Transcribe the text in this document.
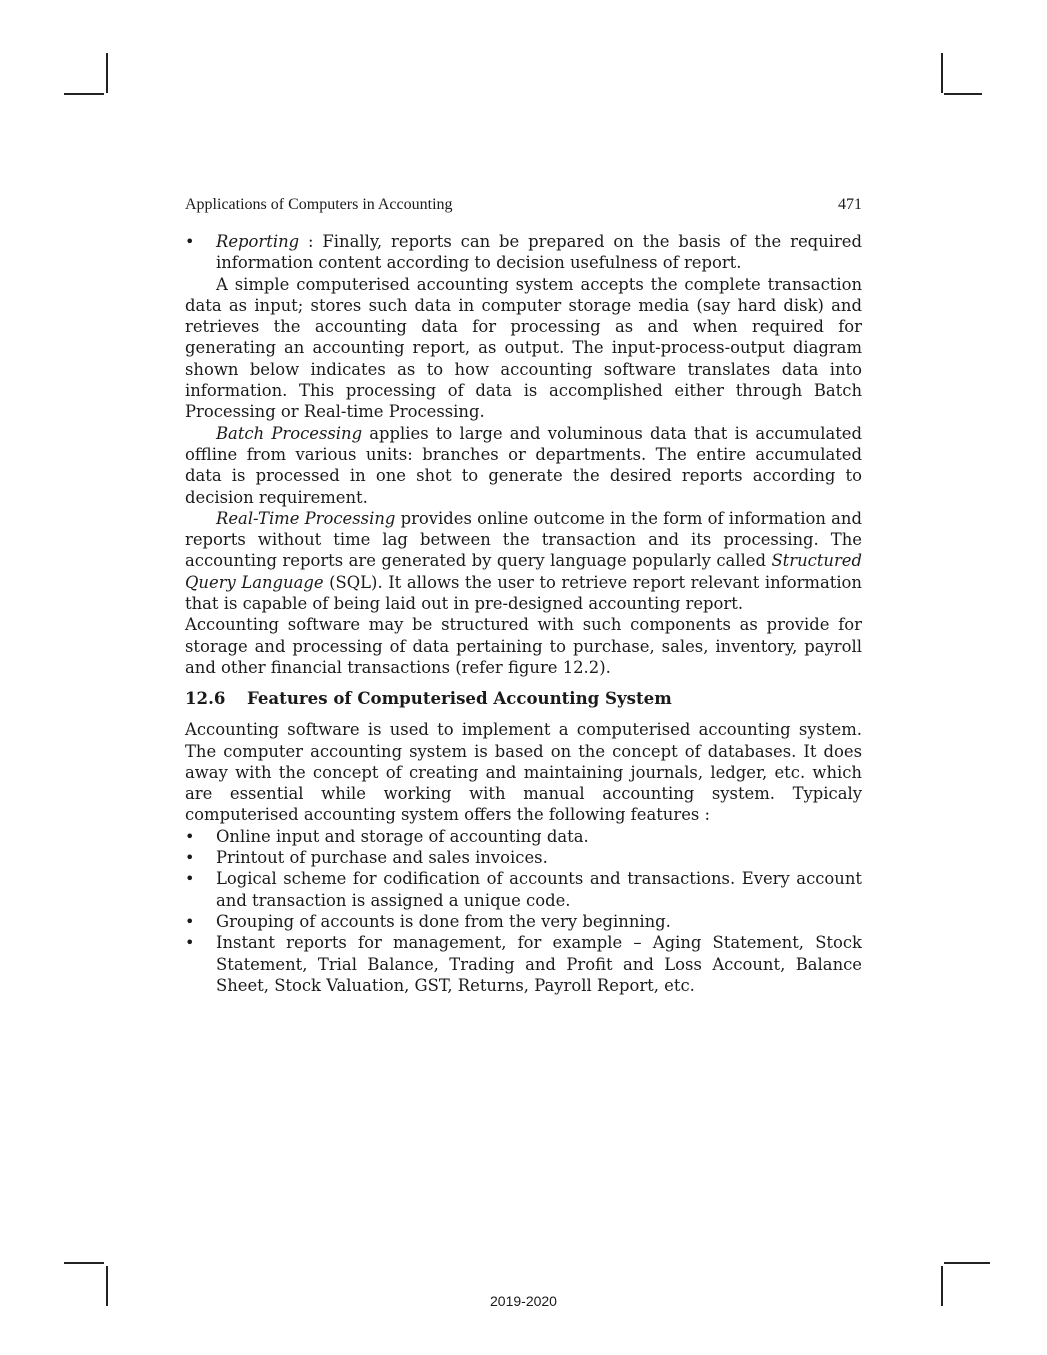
Applications of Computers in Accounting	471
• Reporting : Finally, reports can be prepared on the basis of the required information content according to decision usefulness of report.

A simple computerised accounting system accepts the complete transaction data as input; stores such data in computer storage media (say hard disk) and retrieves the accounting data for processing as and when required for generating an accounting report, as output. The input-process-output diagram shown below indicates as to how accounting software translates data into information. This processing of data is accomplished either through Batch Processing or Real-time Processing.

Batch Processing applies to large and voluminous data that is accumulated offline from various units: branches or departments. The entire accumulated data is processed in one shot to generate the desired reports according to decision requirement.

Real-Time Processing provides online outcome in the form of information and reports without time lag between the transaction and its processing. The accounting reports are generated by query language popularly called Structured Query Language (SQL). It allows the user to retrieve report relevant information that is capable of being laid out in pre-designed accounting report.

Accounting software may be structured with such components as provide for storage and processing of data pertaining to purchase, sales, inventory, payroll and other financial transactions (refer figure 12.2).

12.6 Features of Computerised Accounting System

Accounting software is used to implement a computerised accounting system. The computer accounting system is based on the concept of databases. It does away with the concept of creating and maintaining journals, ledger, etc. which are essential while working with manual accounting system. Typicaly computerised accounting system offers the following features :

• Online input and storage of accounting data.
• Printout of purchase and sales invoices.
• Logical scheme for codification of accounts and transactions. Every account and transaction is assigned a unique code.
• Grouping of accounts is done from the very beginning.
• Instant reports for management, for example – Aging Statement, Stock Statement, Trial Balance, Trading and Profit and Loss Account, Balance Sheet, Stock Valuation, GST, Returns, Payroll Report, etc.
2019-2020
